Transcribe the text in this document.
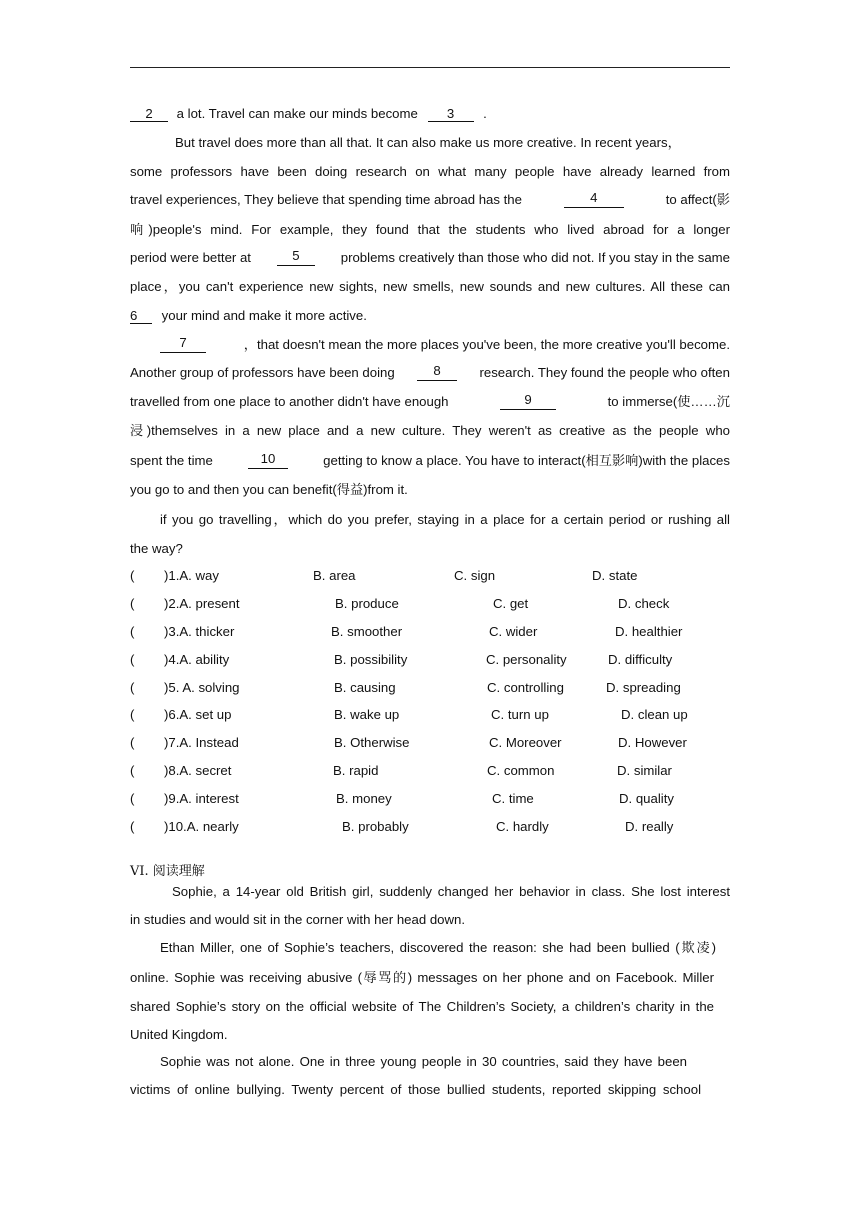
2 a lot. Travel can make our minds become 3 .
But travel does more than all that. It can also make us more creative. In recent years，
some professors have been doing research on what many people have already learned from
travel experiences, They believe that spending time abroad has the	4	to affect(影
响)people's mind. For example, they found that the students who lived abroad for a longer
period were better at	5	problems creatively than those who did not. If you stay in the same
place，you can't experience new sights, new smells, new sounds and new cultures. All these can
6 your mind and make it more active.
7	，that doesn't mean the more places you've been, the more creative you'll become.
Another group of professors have been doing	8	research. They found the people who often
travelled from one place to another didn't have enough	9	to immerse(使……沉
浸)themselves in a new place and a new culture. They weren't as creative as the people who
spent the time	10	getting to know a place. You have to interact(相互影响)with the places
you go to and then you can benefit(得益)from it.
if you go travelling，which do you prefer, staying in a place for a certain period or rushing all
the way?
( )1.A. way	B. area	C. sign	D. state
( )2.A. present	B. produce	C. get	D. check
( )3.A. thicker	B. smoother	C. wider	D. healthier
( )4.A. ability	B. possibility	C. personality	D. difficulty
( )5. A. solving	B. causing	C. controlling	D. spreading
( )6.A. set up	B. wake up	C. turn up	D. clean up
( )7.A. Instead	B. Otherwise	C. Moreover	D. However
( )8.A. secret	B. rapid	C. common	D. similar
( )9.A. interest	B. money	C. time	D. quality
( )10.A. nearly	B. probably	C. hardly	D. really
VI. 阅读理解
Sophie, a 14-year old British girl, suddenly changed her behavior in class. She lost interest
in studies and would sit in the corner with her head down.
Ethan Miller, one of Sophie’s teachers, discovered the reason: she had been bullied (欺凌)
online. Sophie was receiving abusive (辱骂的) messages on her phone and on Facebook. Miller
shared Sophie’s story on the official website of The Children’s Society, a children’s charity in the
United Kingdom.
Sophie was not alone. One in three young people in 30 countries, said they have been
victims of online bullying. Twenty percent of those bullied students, reported skipping school
